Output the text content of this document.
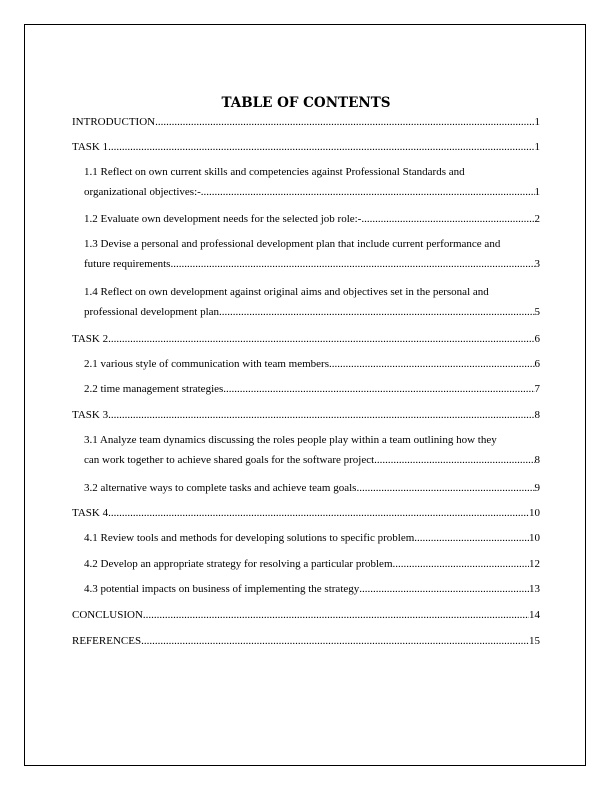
TABLE OF CONTENTS
INTRODUCTION .....	1
TASK 1 .....	1
1.1 Reflect on own current skills and competencies against Professional Standards and
organizational objectives:- .....	1
1.2 Evaluate own development needs for the selected job role:- .....	2
1.3 Devise a personal and professional development plan that include current performance and
future requirements .....	3
1.4 Reflect on own development against original aims and objectives set in the personal and
professional development plan .....	5
TASK 2 .....	6
2.1 various style of communication with team members .....	6
2.2 time management strategies .....	7
TASK 3 .....	8
3.1 Analyze team dynamics discussing the roles people play within a team outlining how they
can work together to achieve shared goals for the software project .....	8
3.2 alternative ways to complete tasks and achieve team goals .....	9
TASK 4 .....	10
4.1 Review tools and methods for developing solutions to specific problem .....	10
4.2 Develop an appropriate strategy for resolving a particular problem .....	12
4.3 potential impacts on business of implementing the strategy .....	13
CONCLUSION .....	14
REFERENCES .....	15
